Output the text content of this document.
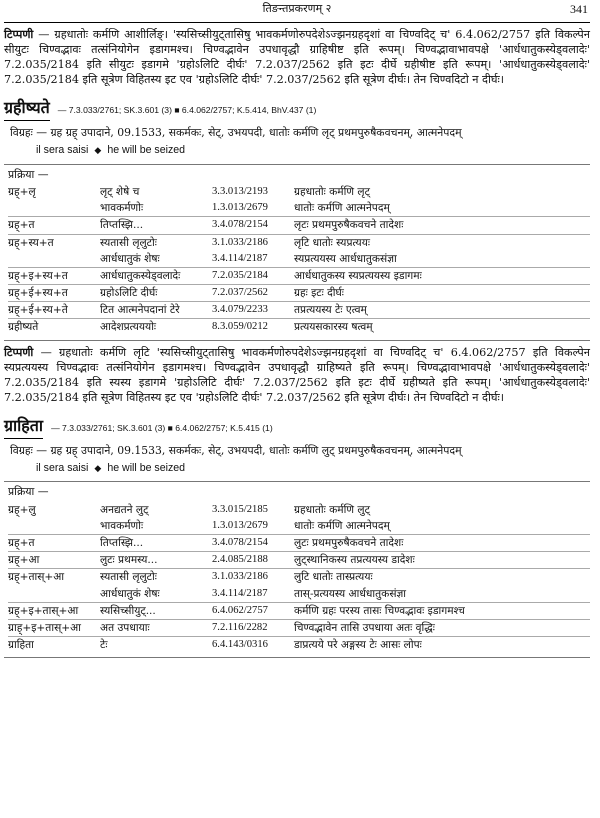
तिङन्तप्रकरणम् २	341
टिप्पणी — ग्रहधातोः कर्मणि आशीर्लिङ्। 'स्यसिच्सीयुट्तासिषु भावकर्मणोरुपदेशेऽज्झनग्रहदृशां वा चिण्वदिट् च' 6.4.062/2757 इति विकल्पेन सीयुटः चिण्वद्भावः तत्संनियोगेन इडागमश्च। चिण्वद्भावेन उपधावृद्धौ ग्राहिषीष्ट इति रूपम्। चिण्वद्भावाभावपक्षे 'आर्धधातुकस्येड्वलादेः' 7.2.035/2184 इति सीयुटः इडागमे 'ग्रहोऽलिटि दीर्घः' 7.2.037/2562 इति इटः दीर्घे ग्रहीषीष्ट इति रूपम्। 'आर्धधातुकस्येड्वलादेः' 7.2.035/2184 इति सूत्रेण विहितस्य इट एव 'ग्रहोऽलिटि दीर्घः' 7.2.037/2562 इति सूत्रेण दीर्घः। तेन चिण्वदिटो न दीर्घः।
ग्रहीष्यते — 7.3.033/2761; SK.3.601 (3) ■ 6.4.062/2757; K.5.414, BhV.437 (1)
विग्रहः — ग्रह ग्रह् उपादाने, 09.1533, सकर्मकः, सेट्, उभयपदी, धातोः कर्मणि लृट् प्रथमपुरुषैकवचनम्, आत्मनेपदम्
il sera saisi ◆ he will be seized
प्रक्रिया —
ग्रह्+लृ	लृट् शेषे च	3.3.013/2193	ग्रहधातोः कर्मणि लृट्
	भावकर्मणोः	1.3.013/2679	धातोः कर्मणि आत्मनेपदम्
ग्रह्+त	तिप्तस्झि...	3.4.078/2154	लृटः प्रथमपुरुषैकवचने तादेशः
ग्रह्+स्य+त	स्यतासी लृलुटोः	3.1.033/2186	लृटि धातोः स्यप्रत्ययः
	आर्धधातुकं शेषः	3.4.114/2187	स्यप्रत्ययस्य आर्धधातुकसंज्ञा
ग्रह्+इ+स्य+त	आर्धधातुकस्येड्वलादेः	7.2.035/2184	आर्धधातुकस्य स्यप्रत्ययस्य इडागमः
ग्रह्+ई+स्य+त	ग्रहोऽलिटि दीर्घः	7.2.037/2562	ग्रहः इटः दीर्घः
ग्रह्+ई+स्य+ते	टित आत्मनेपदानां टेरे	3.4.079/2233	तप्रत्ययस्य टेः एत्वम्
ग्रहीष्यते	आदेशप्रत्यययोः	8.3.059/0212	प्रत्ययसकारस्य षत्वम्
टिप्पणी — ग्रहधातोः कर्मणि लृटि 'स्यसिच्सीयुट्तासिषु भावकर्मणोरुपदेशेऽज्झनग्रहदृशां वा चिण्वदिट् च' 6.4.062/2757 इति विकल्पेन स्यप्रत्ययस्य चिण्वद्भावः तत्संनियोगेन इडागमश्च। चिण्वद्भावेन उपधावृद्धौ ग्राहिष्यते इति रूपम्। चिण्वद्भावाभावपक्षे 'आर्धधातुकस्येड्वलादेः' 7.2.035/2184 इति स्यस्य इडागमे 'ग्रहोऽलिटि दीर्घः' 7.2.037/2562 इति इटः दीर्घे ग्रहीष्यते इति रूपम्। 'आर्धधातुकस्येड्वलादेः' 7.2.035/2184 इति सूत्रेण विहितस्य इट एव 'ग्रहोऽलिटि दीर्घः' 7.2.037/2562 इति सूत्रेण दीर्घः। तेन चिण्वदिटो न दीर्घः।
ग्राहिता — 7.3.033/2761; SK.3.601 (3) ■ 6.4.062/2757; K.5.415 (1)
विग्रहः — ग्रह ग्रह् उपादाने, 09.1533, सकर्मकः, सेट्, उभयपदी, धातोः कर्मणि लुट् प्रथमपुरुषैकवचनम्, आत्मनेपदम्
il sera saisi ◆ he will be seized
प्रक्रिया —
ग्रह्+लु	अनद्यतने लुट्	3.3.015/2185	ग्रहधातोः कर्मणि लुट्
	भावकर्मणोः	1.3.013/2679	धातोः कर्मणि आत्मनेपदम्
ग्रह्+त	तिप्तस्झि...	3.4.078/2154	लुटः प्रथमपुरुषैकवचने तादेशः
ग्रह्+आ	लुटः प्रथमस्य...	2.4.085/2188	लुट्स्थानिकस्य तप्रत्ययस्य डादेशः
ग्रह्+तास्+आ	स्यतासी लृलुटोः	3.1.033/2186	लुटि धातोः तास्प्रत्ययः
	आर्धधातुकं शेषः	3.4.114/2187	तास्-प्रत्ययस्य आर्धधातुकसंज्ञा
ग्रह्+इ+तास्+आ	स्यसिच्सीयुट्...	6.4.062/2757	कर्मणि ग्रहः परस्य तासः चिण्वद्भावः इडागमश्च
ग्राह्+इ+तास्+आ	अत उपधायाः	7.2.116/2282	चिण्वद्भावेन तासि उपधाया अतः वृद्धिः
ग्राहिता	टेः	6.4.143/0316	डाप्रत्यये परे अङ्गस्य टेः आसः लोपः
